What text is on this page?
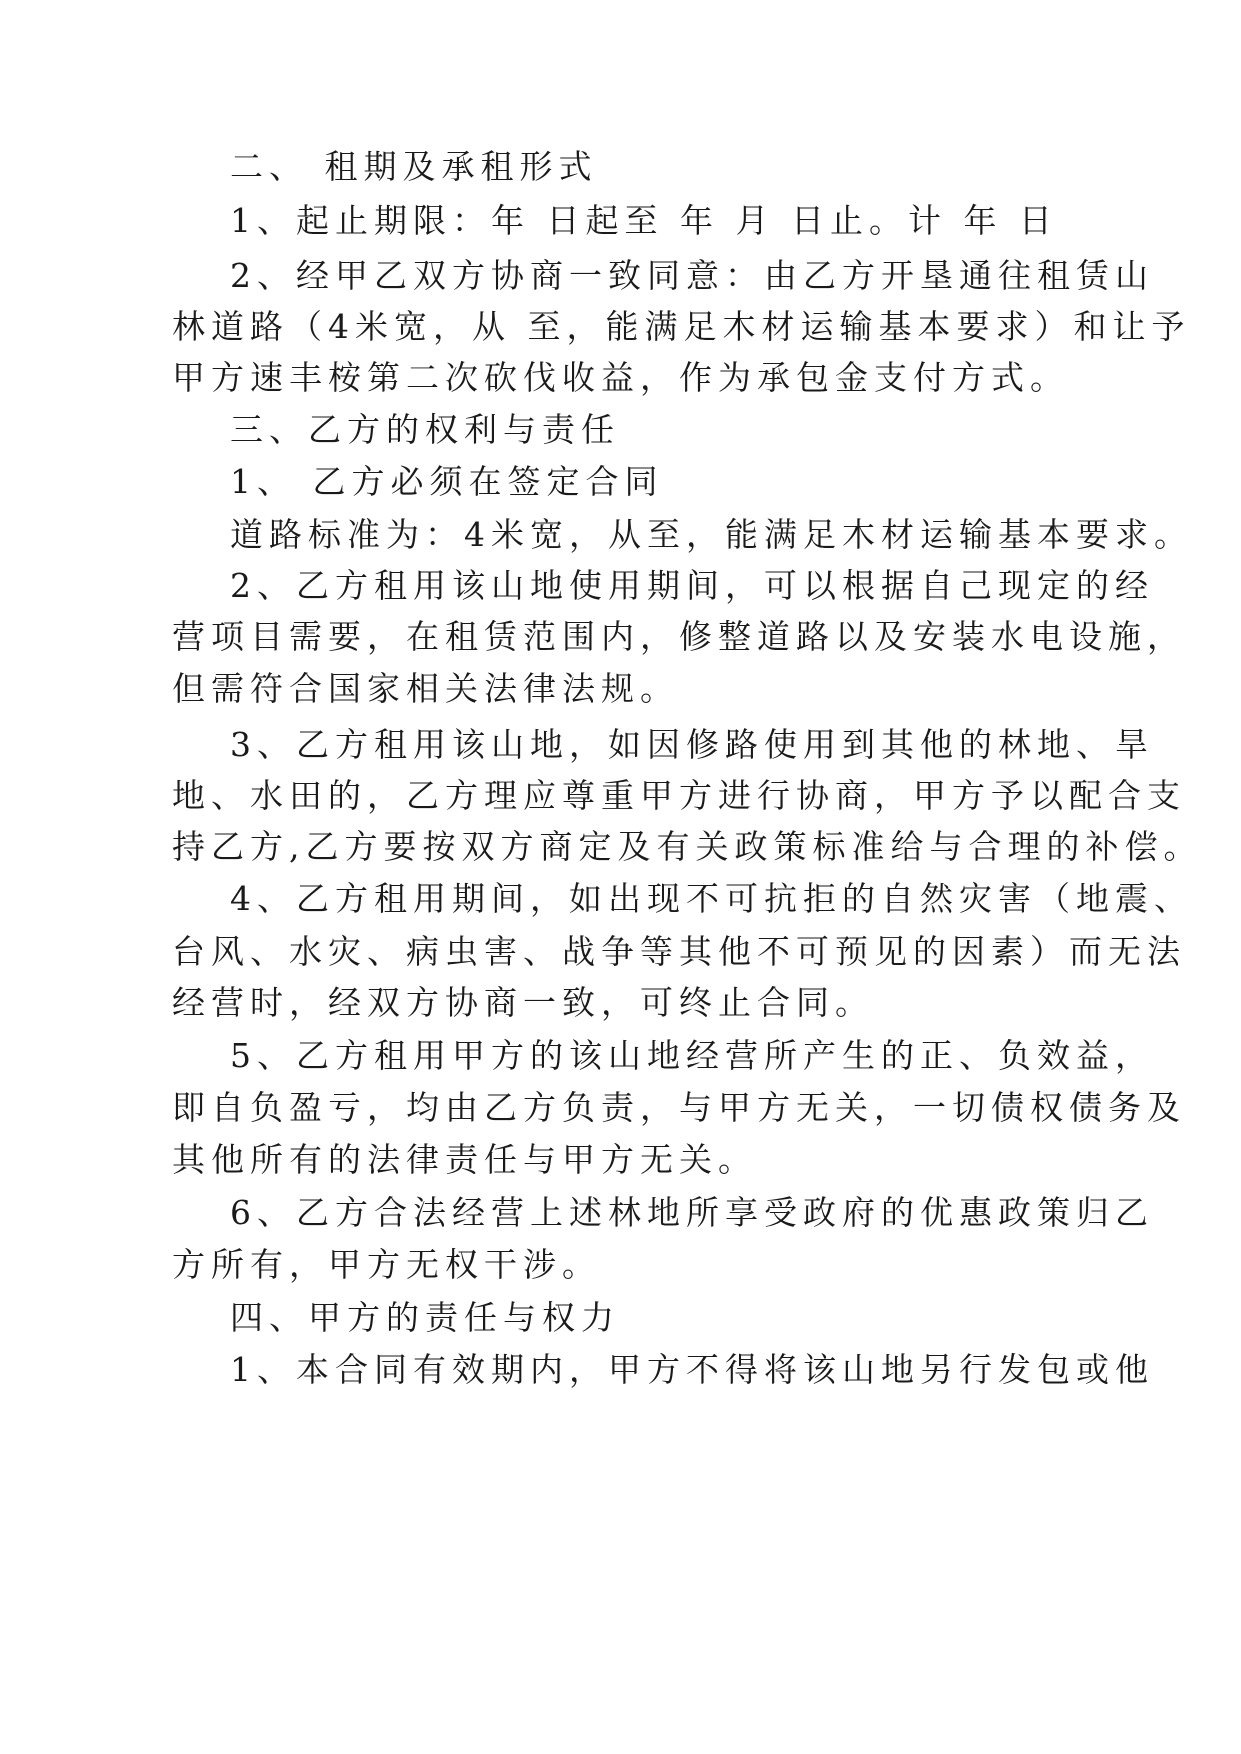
二、 租期及承租形式
1、起止期限：年 日起至 年 月 日止。计 年 日
2、经甲乙双方协商一致同意：由乙方开垦通往租赁山
林道路（4米宽，从 至，能满足木材运输基本要求）和让予
甲方速丰桉第二次砍伐收益，作为承包金支付方式。
三、乙方的权利与责任
1、 乙方必须在签定合同
道路标准为：4米宽，从至，能满足木材运输基本要求。
2、乙方租用该山地使用期间，可以根据自己现定的经
营项目需要，在租赁范围内，修整道路以及安装水电设施，
但需符合国家相关法律法规。
3、乙方租用该山地，如因修路使用到其他的林地、旱
地、水田的，乙方理应尊重甲方进行协商，甲方予以配合支
持乙方,乙方要按双方商定及有关政策标准给与合理的补偿。
4、乙方租用期间，如出现不可抗拒的自然灾害（地震、
台风、水灾、病虫害、战争等其他不可预见的因素）而无法
经营时，经双方协商一致，可终止合同。
5、乙方租用甲方的该山地经营所产生的正、负效益，
即自负盈亏，均由乙方负责，与甲方无关，一切债权债务及
其他所有的法律责任与甲方无关。
6、乙方合法经营上述林地所享受政府的优惠政策归乙
方所有，甲方无权干涉。
四、甲方的责任与权力
1、本合同有效期内，甲方不得将该山地另行发包或他
